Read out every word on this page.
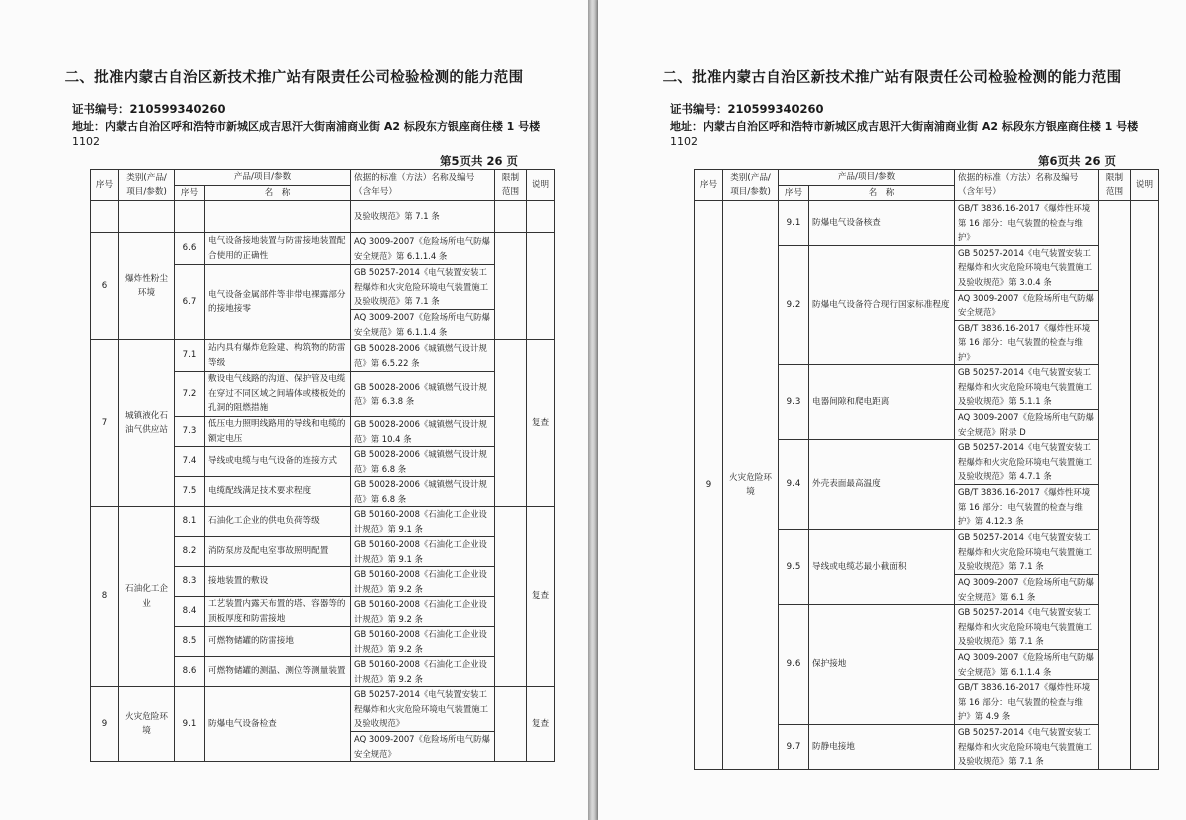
二、批准内蒙古自治区新技术推广站有限责任公司检验检测的能力范围
证书编号：210599340260
地址：内蒙古自治区呼和浩特市新城区成吉思汗大街南浦商业街 A2 标段东方银座商住楼 1 号楼
1102
第5页共 26 页
序号	类别(产品/项目/参数)	产品/项目/参数		依据的标准（方法）名称及编号（含年号）	限制范围	说明
		序号	名　称			
				及验收规范》第 7.1 条		
6	爆炸性粉尘环境	6.6	电气设备接地装置与防雷接地装置配合使用的正确性	AQ 3009-2007《危险场所电气防爆安全规范》第 6.1.1.4 条		
		6.7	电气设备金属部件等非带电裸露部分的接地接零	GB 50257-2014《电气装置安装工程爆炸和火灾危险环境电气装置施工及验收规范》第 7.1 条		
				AQ 3009-2007《危险场所电气防爆安全规范》第 6.1.1.4 条		
7	城镇液化石油气供应站	7.1	站内具有爆炸危险建、构筑物的防雷等级	GB 50028-2006《城镇燃气设计规范》第 6.5.22 条		复查
		7.2	敷设电气线路的沟道、保护管及电缆在穿过不同区域之间墙体或楼板处的孔洞的阻燃措施	GB 50028-2006《城镇燃气设计规范》第 6.3.8 条		
		7.3	低压电力照明线路用的导线和电缆的额定电压	GB 50028-2006《城镇燃气设计规范》第 10.4 条		
		7.4	导线或电缆与电气设备的连接方式	GB 50028-2006《城镇燃气设计规范》第 6.8 条		
		7.5	电缆配线满足技术要求程度	GB 50028-2006《城镇燃气设计规范》第 6.8 条		
8	石油化工企业	8.1	石油化工企业的供电负荷等级	GB 50160-2008《石油化工企业设计规范》第 9.1 条		复查
		8.2	消防泵房及配电室事故照明配置	GB 50160-2008《石油化工企业设计规范》第 9.1 条		
		8.3	接地装置的敷设	GB 50160-2008《石油化工企业设计规范》第 9.2 条		
		8.4	工艺装置内露天布置的塔、容器等的顶板厚度和防雷接地	GB 50160-2008《石油化工企业设计规范》第 9.2 条		
		8.5	可燃物储罐的防雷接地	GB 50160-2008《石油化工企业设计规范》第 9.2 条		
		8.6	可燃物储罐的测温、测位等测量装置	GB 50160-2008《石油化工企业设计规范》第 9.2 条		
9	火灾危险环境	9.1	防爆电气设备检查	GB 50257-2014《电气装置安装工程爆炸和火灾危险环境电气装置施工及验收规范》		复查
				AQ 3009-2007《危险场所电气防爆安全规范》		
二、批准内蒙古自治区新技术推广站有限责任公司检验检测的能力范围
证书编号：210599340260
地址：内蒙古自治区呼和浩特市新城区成吉思汗大街南浦商业街 A2 标段东方银座商住楼 1 号楼
1102
第6页共 26 页
序号	类别(产品/项目/参数)	产品/项目/参数		依据的标准（方法）名称及编号（含年号）	限制范围	说明
		序号	名　称			
9	火灾危险环境	9.1	防爆电气设备核查	GB/T 3836.16-2017《爆炸性环境第 16 部分：电气装置的检查与维护》		
		9.2	防爆电气设备符合现行国家标准程度	GB 50257-2014《电气装置安装工程爆炸和火灾危险环境电气装置施工及验收规范》第 3.0.4 条		
				AQ 3009-2007《危险场所电气防爆安全规范》		
				GB/T 3836.16-2017《爆炸性环境第 16 部分：电气装置的检查与维护》		
		9.3	电器间隙和爬电距离	GB 50257-2014《电气装置安装工程爆炸和火灾危险环境电气装置施工及验收规范》第 5.1.1 条		
				AQ 3009-2007《危险场所电气防爆安全规范》附录 D		
		9.4	外壳表面最高温度	GB 50257-2014《电气装置安装工程爆炸和火灾危险环境电气装置施工及验收规范》第 4.7.1 条		
				GB/T 3836.16-2017《爆炸性环境第 16 部分：电气装置的检查与维护》第 4.12.3 条		
		9.5	导线或电缆芯最小截面积	GB 50257-2014《电气装置安装工程爆炸和火灾危险环境电气装置施工及验收规范》第 7.1 条		
				AQ 3009-2007《危险场所电气防爆安全规范》第 6.1 条		
		9.6	保护接地	GB 50257-2014《电气装置安装工程爆炸和火灾危险环境电气装置施工及验收规范》第 7.1 条		
				AQ 3009-2007《危险场所电气防爆安全规范》第 6.1.1.4 条		
				GB/T 3836.16-2017《爆炸性环境第 16 部分：电气装置的检查与维护》第 4.9 条		
		9.7	防静电接地	GB 50257-2014《电气装置安装工程爆炸和火灾危险环境电气装置施工及验收规范》第 7.1 条		
